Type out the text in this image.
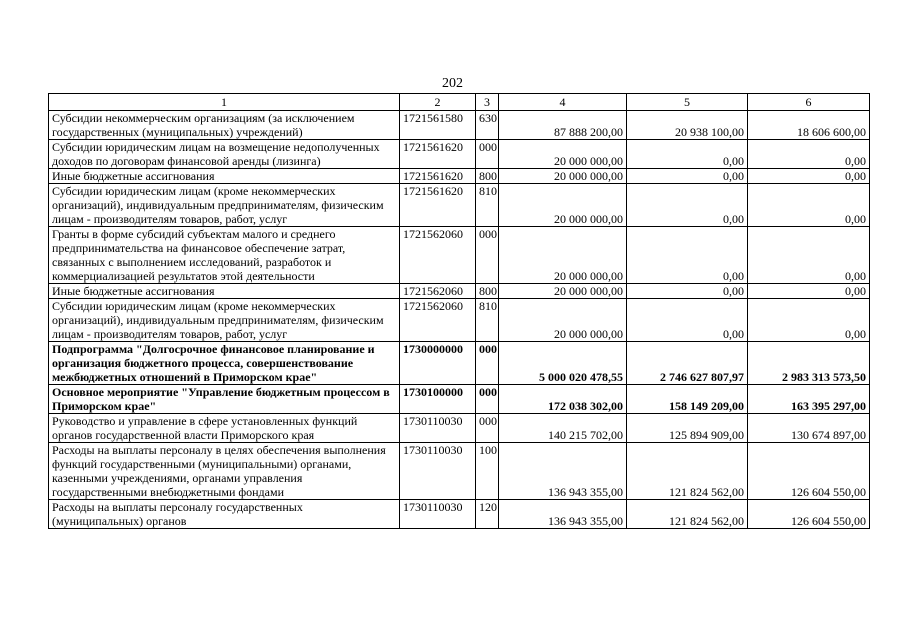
202
1	2	3	4	5	6
Субсидии некоммерческим организациям (за исключением государственных (муниципальных) учреждений)	1721561580	630	87 888 200,00	20 938 100,00	18 606 600,00
Субсидии юридическим лицам на возмещение недополученных доходов по договорам финансовой аренды (лизинга)	1721561620	000	20 000 000,00	0,00	0,00
Иные бюджетные ассигнования	1721561620	800	20 000 000,00	0,00	0,00
Субсидии юридическим лицам (кроме некоммерческих организаций), индивидуальным предпринимателям, физическим лицам - производителям товаров, работ, услуг	1721561620	810	20 000 000,00	0,00	0,00
Гранты в форме субсидий субъектам малого и среднего предпринимательства на финансовое обеспечение затрат, связанных с выполнением исследований, разработок и коммерциализацией результатов этой деятельности	1721562060	000	20 000 000,00	0,00	0,00
Иные бюджетные ассигнования	1721562060	800	20 000 000,00	0,00	0,00
Субсидии юридическим лицам (кроме некоммерческих организаций), индивидуальным предпринимателям, физическим лицам - производителям товаров, работ, услуг	1721562060	810	20 000 000,00	0,00	0,00
Подпрограмма "Долгосрочное финансовое планирование и организация бюджетного процесса, совершенствование межбюджетных отношений в Приморском крае"	1730000000	000	5 000 020 478,55	2 746 627 807,97	2 983 313 573,50
Основное мероприятие "Управление бюджетным процессом в Приморском крае"	1730100000	000	172 038 302,00	158 149 209,00	163 395 297,00
Руководство и управление в сфере установленных функций органов государственной власти Приморского края	1730110030	000	140 215 702,00	125 894 909,00	130 674 897,00
Расходы на выплаты персоналу в целях обеспечения выполнения функций государственными (муниципальными) органами, казенными учреждениями, органами управления государственными внебюджетными фондами	1730110030	100	136 943 355,00	121 824 562,00	126 604 550,00
Расходы на выплаты персоналу государственных (муниципальных) органов	1730110030	120	136 943 355,00	121 824 562,00	126 604 550,00
